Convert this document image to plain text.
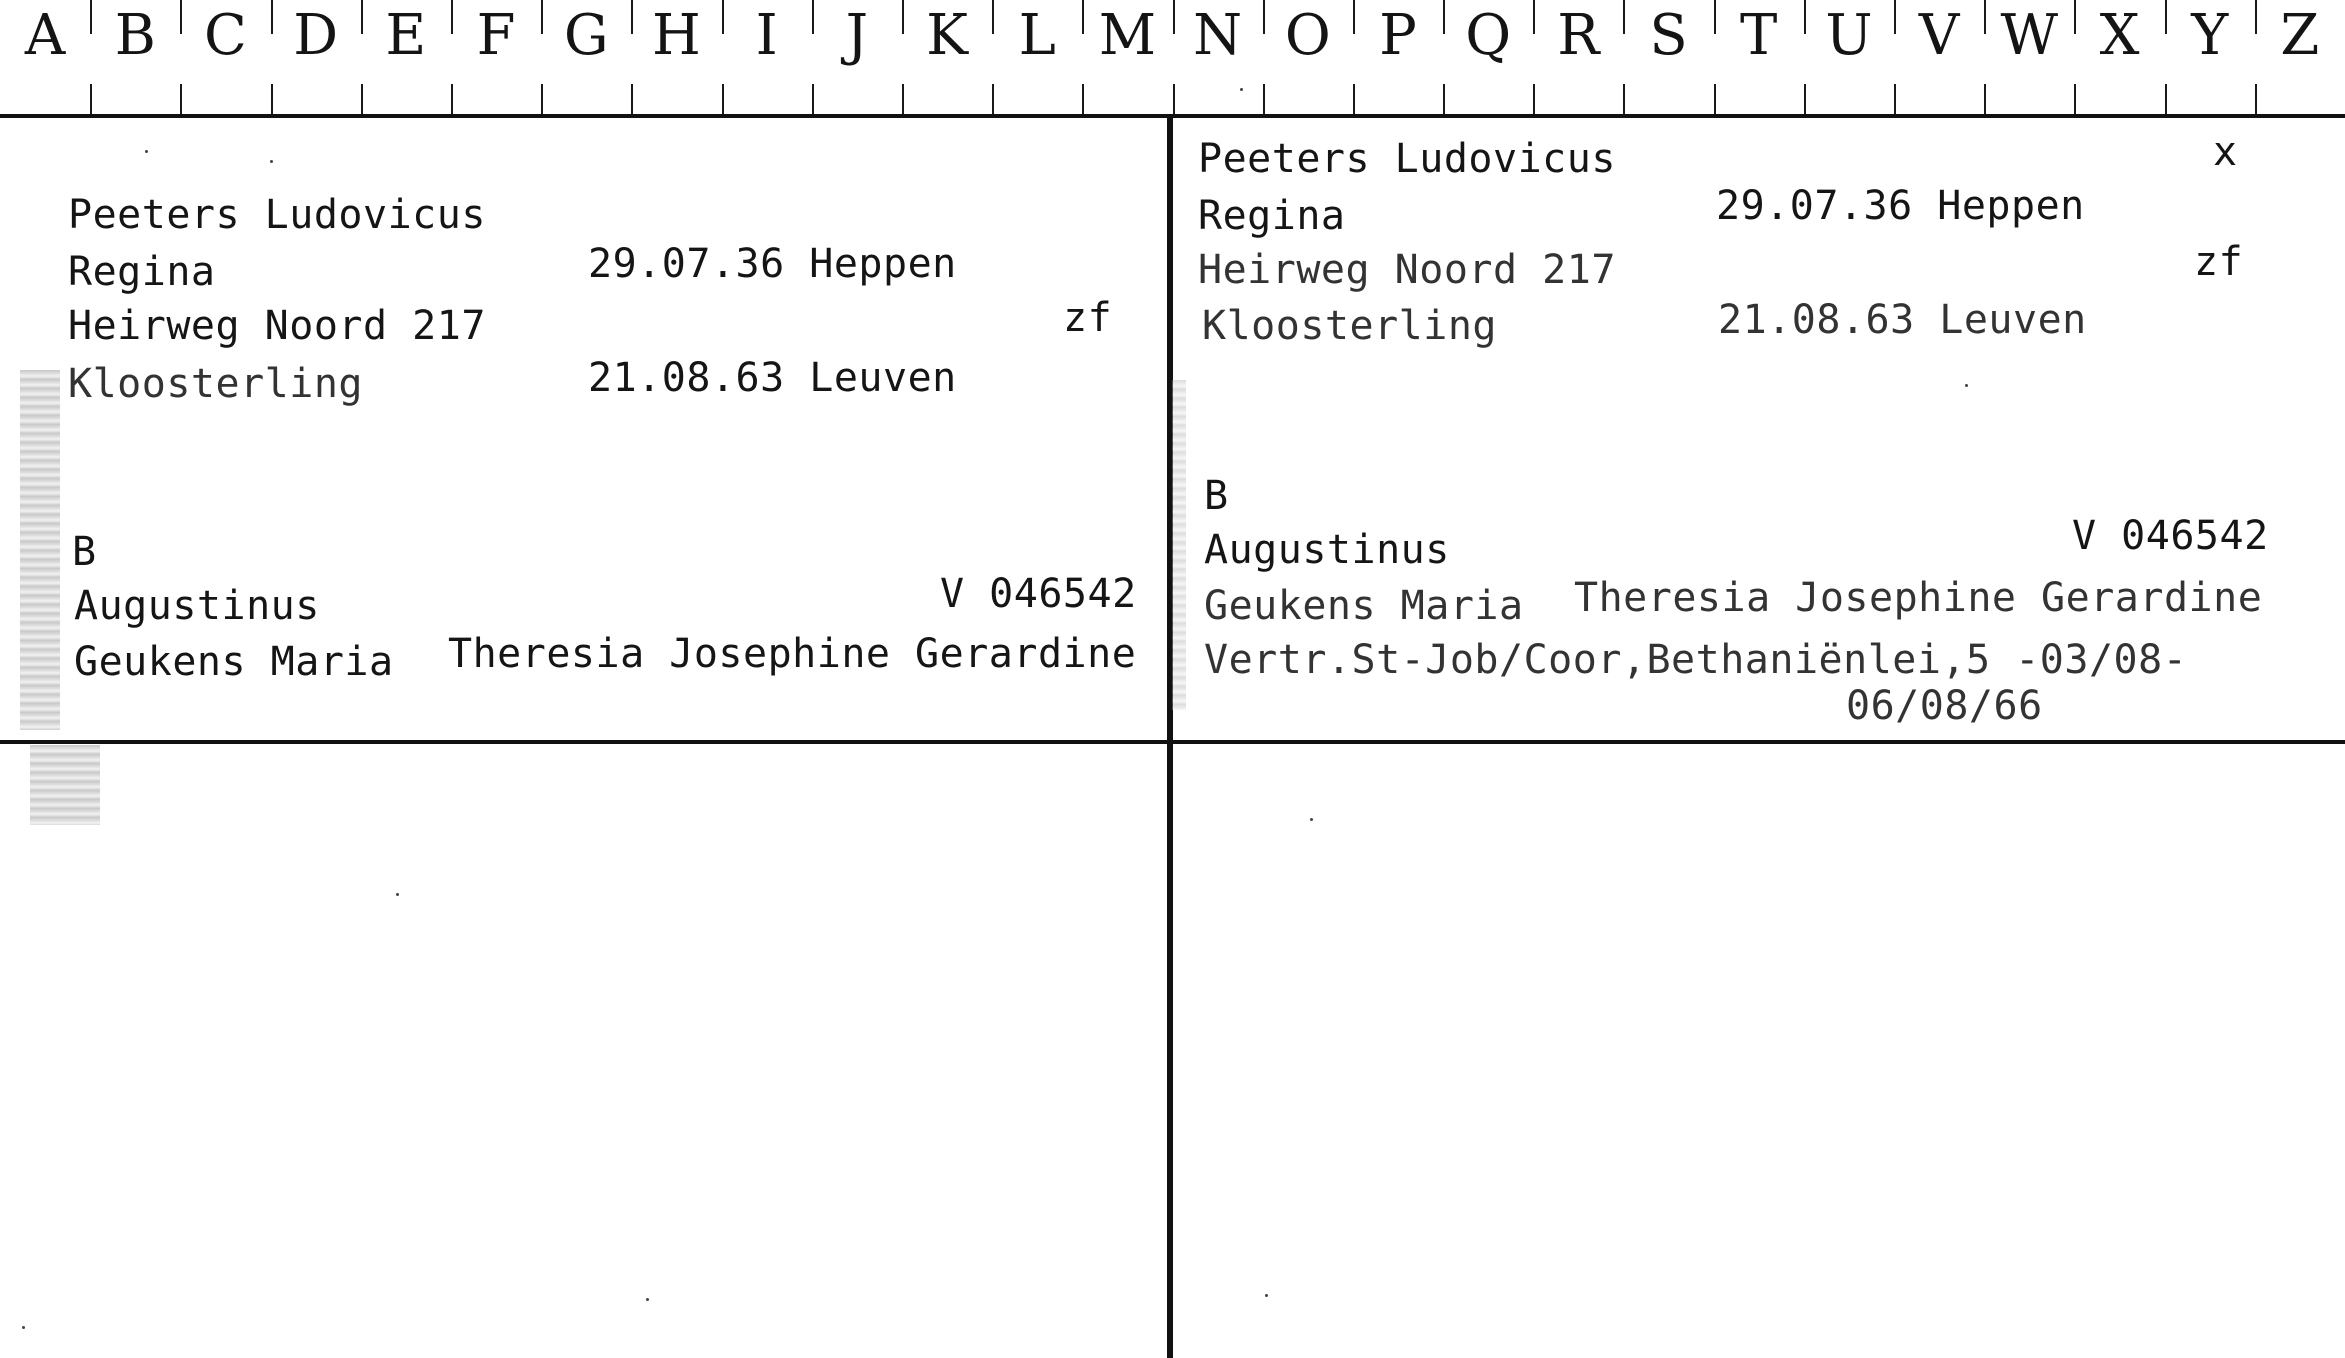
A B C D E F G H I	J	K L M N O P Q R S T U V W X Y Z
Peeters Ludovicus
Regina	29.07.36 Heppen
Heirweg Noord 217	zf
Kloosterling	21.08.63 Leuven
B
Augustinus	V 046542
Geukens Maria Theresia Josephine Gerardine
Peeters Ludovicus	x
Regina	29.07.36 Heppen
Heirweg Noord 217	zf
Kloosterling	21.08.63 Leuven
B
Augustinus	V 046542
Geukens Maria Theresia Josephine Gerardine
Vertr.St-Job/Coor,Bethaniënlei,5 -03/08-
06/08/66
